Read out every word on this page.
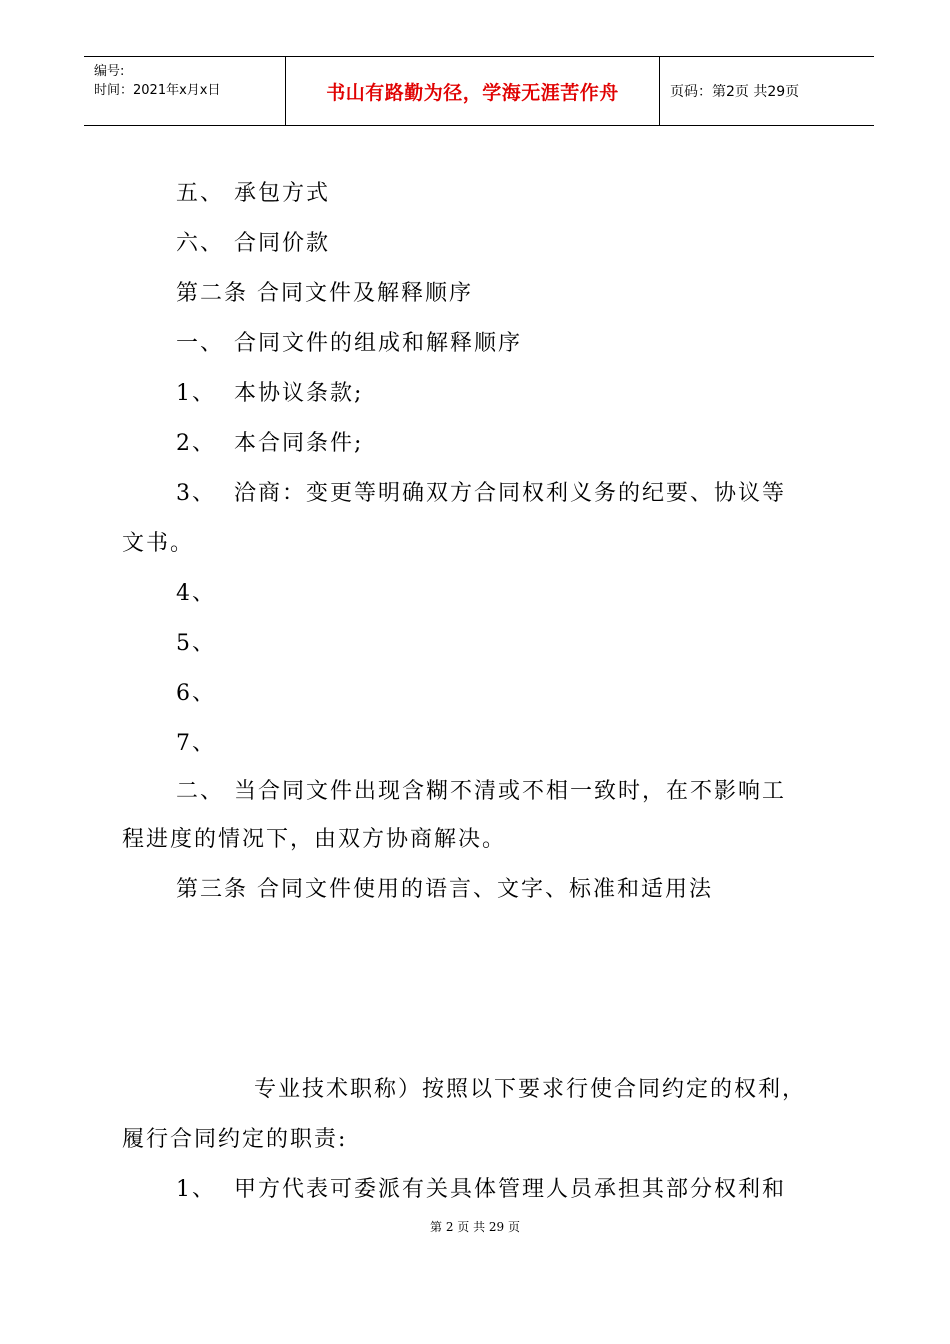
编号:
时间：2021年x月x日	书山有路勤为径，学海无涯苦作舟	页码：第2页 共29页
五、 承包方式
六、 合同价款
第二条 合同文件及解释顺序
一、 合同文件的组成和解释顺序
1、 本协议条款;
2、 本合同条件;
3、 洽商：变更等明确双方合同权利义务的纪要、协议等
文书。
4、
5、
6、
7、
二、 当合同文件出现含糊不清或不相一致时，在不影响工
程进度的情况下，由双方协商解决。
第三条 合同文件使用的语言、文字、标准和适用法
专业技术职称）按照以下要求行使合同约定的权利，
履行合同约定的职责:
1、 甲方代表可委派有关具体管理人员承担其部分权利和
第 2 页 共 29 页
